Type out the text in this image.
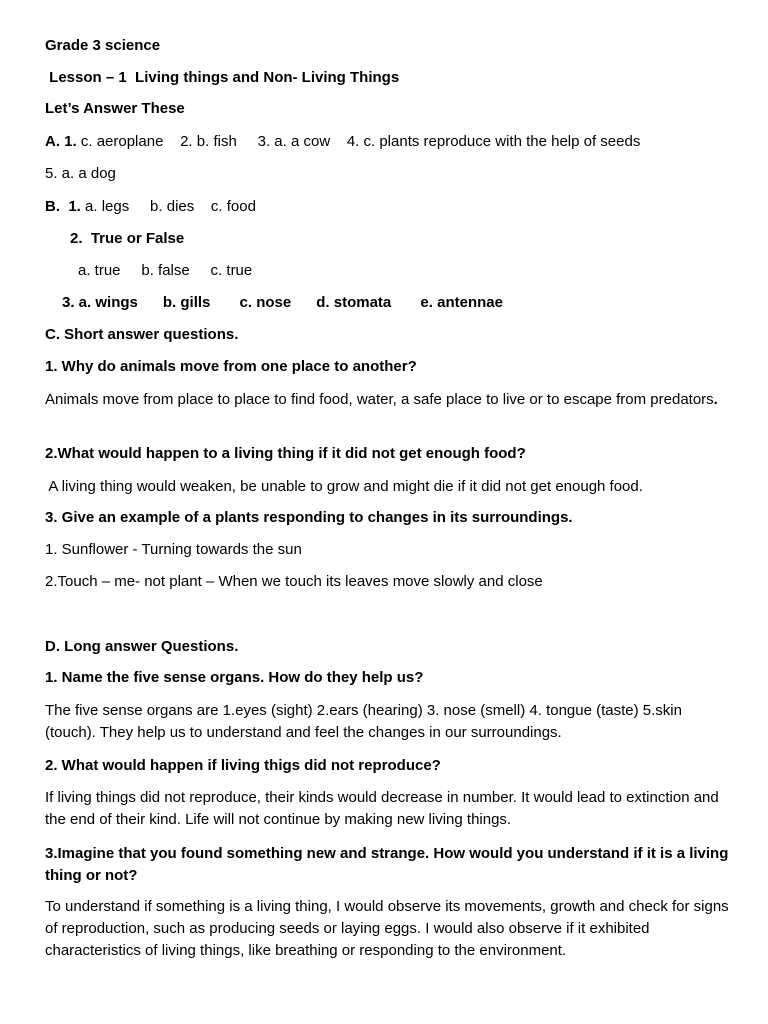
Grade 3 science
Lesson – 1  Living things and Non- Living Things
Let’s Answer These
A. 1. c. aeroplane    2. b. fish     3. a. a cow    4. c. plants reproduce with the help of seeds
5. a. a dog
B.  1. a. legs     b. dies    c. food
2.  True or False
a. true     b. false     c. true
3. a. wings      b. gills       c. nose      d. stomata       e. antennae
C. Short answer questions.
1. Why do animals move from one place to another?
Animals move from place to place to find food, water, a safe place to live or to escape from predators.
2.What would happen to a living thing if it did not get enough food?
A living thing would weaken, be unable to grow and might die if it did not get enough food.
3. Give an example of a plants responding to changes in its surroundings.
1. Sunflower - Turning towards the sun
2.Touch – me- not plant – When we touch its leaves move slowly and close
D. Long answer Questions.
1. Name the five sense organs. How do they help us?
The five sense organs are 1.eyes (sight) 2.ears (hearing) 3. nose (smell) 4. tongue (taste) 5.skin (touch). They help us to understand and feel the changes in our surroundings.
2. What would happen if living thigs did not reproduce?
If living things did not reproduce, their kinds would decrease in number. It would lead to extinction and the end of their kind. Life will not continue by making new living things.
3.Imagine that you found something new and strange. How would you understand if it is a living thing or not?
To understand if something is a living thing, I would observe its movements, growth and check for signs of reproduction, such as producing seeds or laying eggs. I would also observe if it exhibited characteristics of living things, like breathing or responding to the environment.
